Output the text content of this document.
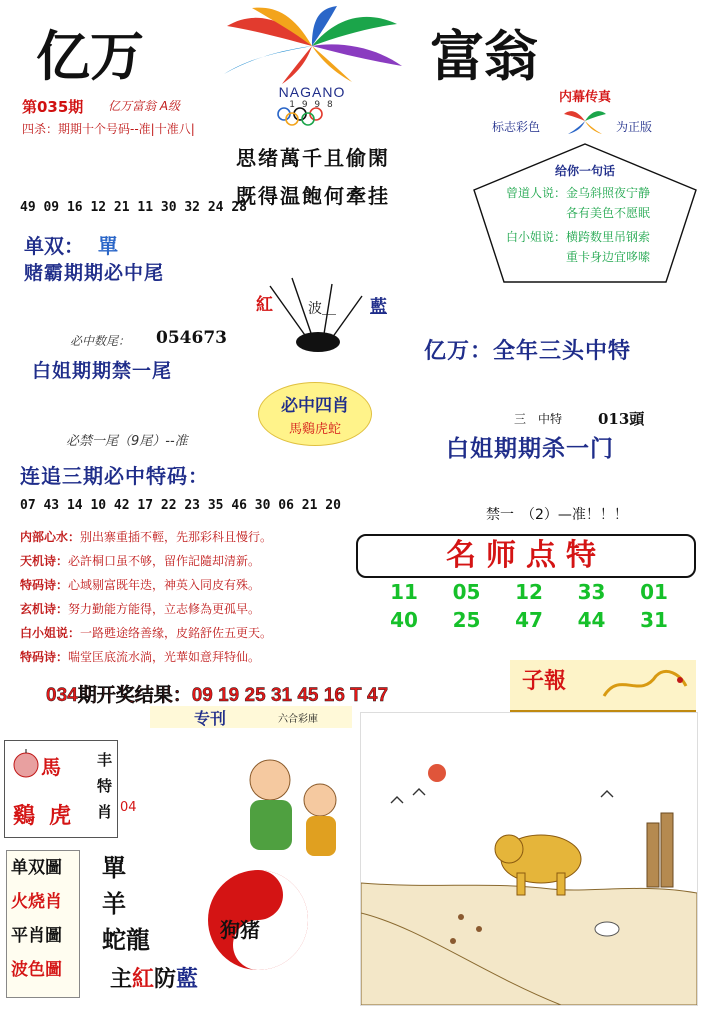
亿万	富翁
NAGANO
1 9 9 8
第035期 亿万富翁 A级
四杀：期期十个号码--准|十准八|
思绪萬千且偷閑
既得温飽何牽挂
内幕传真
标志彩色	为正版
给你一句话
曾道人说：金乌斜照夜宁静
各有美色不愿眠
白小姐说：横跨数里吊钢索
重卡身边宜哆嗦
49 09 16 12 21 11 30 32 24 28
单双： 單
赌霸期期必中尾
紅	波＿ 藍
必中数尾： 054673
白姐期期禁一尾
亿万：全年三头中特
必中四肖
馬鷄虎蛇
三　中特 013頭
白姐期期杀一门
必禁一尾（9尾）--准
连追三期必中特码：
07 43 14 10 42 17 22 23 35 46 30 06 21 20
禁一　（2）—准！！！
内部心水：别出寨重插不輕，先那彩科且慢行。
天机诗：必許桐口虽不够，留作記隨却清新。
特码诗：心域剔富既年迭，神英入同皮有殊。
玄机诗：努力勤能方能得，立志修為更孤早。
白小姐说：一路甦途络善缘，皮銘舒佐五更天。
特码诗：喘堂匡底流水淌，光華如意拜特仙。
名师点特
11	05	12	33	01
40	25	47	44	31
子報
034期开奖结果：09 19 25 31 45 16 T 47
专刊	六合彩庫
馬
鷄 虎
丰特肖 04
单双圖
火烧肖
平肖圖
波色圖
單
羊
蛇龍	狗猪
主紅防藍
